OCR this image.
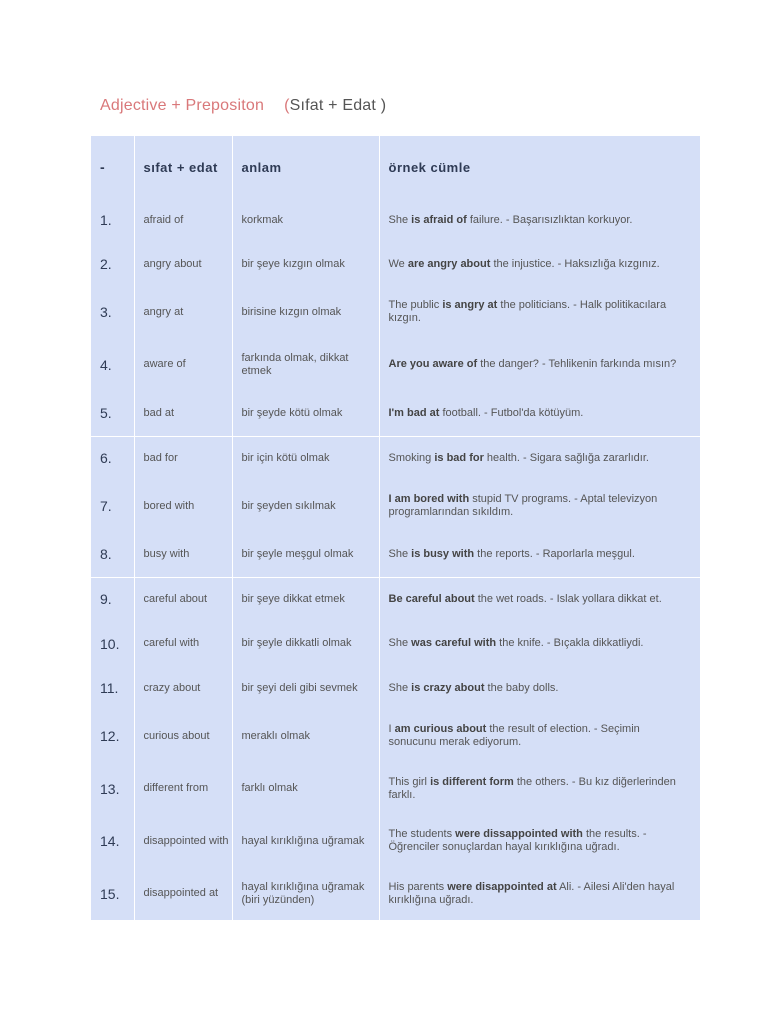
Adjective + Prepositon (Sıfat + Edat )
-	sıfat + edat	anlam	örnek cümle
1.	afraid of	korkmak	She is afraid of failure. - Başarısızlıktan korkuyor.
2.	angry about	bir şeye kızgın olmak	We are angry about the injustice. - Haksızlığa kızgınız.
3.	angry at	birisine kızgın olmak	The public is angry at the politicians. - Halk politikacılara kızgın.
4.	aware of	farkında olmak, dikkat etmek	Are you aware of the danger? - Tehlikenin farkında mısın?
5.	bad at	bir şeyde kötü olmak	I'm bad at football. - Futbol'da kötüyüm.
6.	bad for	bir için kötü olmak	Smoking is bad for health. - Sigara sağlığa zararlıdır.
7.	bored with	bir şeyden sıkılmak	I am bored with stupid TV programs. - Aptal televizyon programlarından sıkıldım.
8.	busy with	bir şeyle meşgul olmak	She is busy with the reports. - Raporlarla meşgul.
9.	careful about	bir şeye dikkat etmek	Be careful about the wet roads. - Islak yollara dikkat et.
10.	careful with	bir şeyle dikkatli olmak	She was careful with the knife. - Bıçakla dikkatliydi.
11.	crazy about	bir şeyi deli gibi sevmek	She is crazy about the baby dolls.
12.	curious about	meraklı olmak	I am curious about the result of election. - Seçimin sonucunu merak ediyorum.
13.	different from	farklı olmak	This girl is different form the others. - Bu kız diğerlerinden farklı.
14.	disappointed with	hayal kırıklığına uğramak	The students were dissappointed with the results. - Öğrenciler sonuçlardan hayal kırıklığına uğradı.
15.	disappointed at	hayal kırıklığına uğramak (biri yüzünden)	His parents were disappointed at Ali. - Ailesi Ali'den hayal kırıklığına uğradı.
